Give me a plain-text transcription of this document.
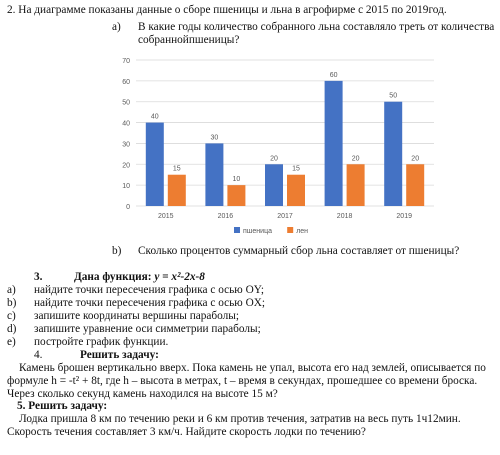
2. На диаграмме показаны данные о сборе пшеницы и льна в агрофирме с 2015 по 2019год.
a) В какие годы количество собранного льна составляло треть от количества
собраннойпшеницы?
0
10
20
30
40
50
60
70
40
15
2015
30
10
2016
20
15
2017
60
20
2018
50
20
2019
пшеница	лен
b) Сколько процентов суммарный сбор льна составляет от пшеницы?
3.	Дана функция: y = x²-2x-8
a) найдите точки пересечения графика с осью OY;
b) найдите точки пересечения графика с осью OX;
c) запишите координаты вершины параболы;
d) запишите уравнение оси симметрии параболы;
e) постройте график функции.
4.	Решить задачу:
Камень брошен вертикально вверх. Пока камень не упал, высота его над землей, описывается по
формуле h = -t² + 8t, где h – высота в метрах, t – время в секундах, прошедшее со времени броска.
Через сколько секунд камень находился на высоте 15 м?
5. Решить задачу:
Лодка пришла 8 км по течению реки и 6 км против течения, затратив на весь путь 1ч12мин.
Скорость течения составляет 3 км/ч. Найдите скорость лодки по течению?
